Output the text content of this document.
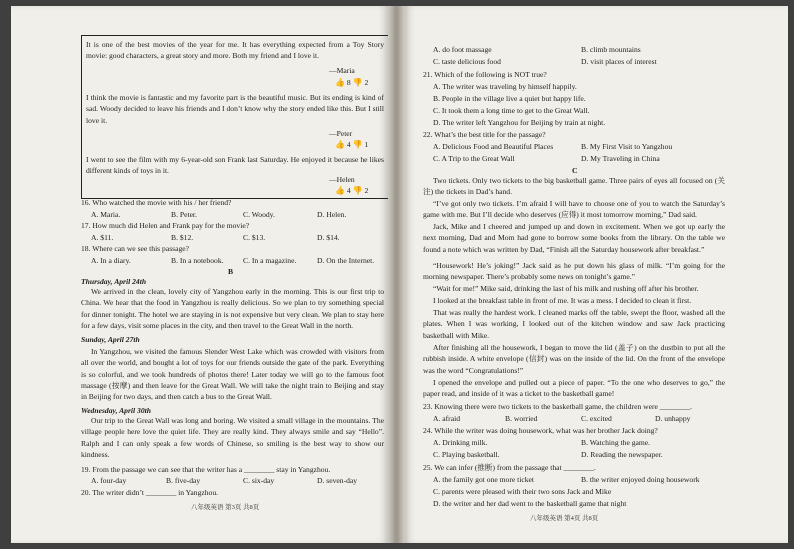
It is one of the best movies of the year for me. It has everything expected from a Toy Story movie: good characters, a great story and more. Both my friend and I love it.
—Maria
👍 8 👎 2
I think the movie is fantastic and my favorite part is the beautiful music. But its ending is kind of sad. Woody decided to leave his friends and I don’t know why the story ended like this. But I still love it.
—Peter
👍 4 👎 1
I went to see the film with my 6-year-old son Frank last Saturday. He enjoyed it because he likes different kinds of toys in it.
—Helen
👍 4 👎 2
16. Who watched the movie with his / her friend?
A. Maria.	B. Peter.	C. Woody.	D. Helen.
17. How much did Helen and Frank pay for the movie?
A. $11.	B. $12.	C. $13.	D. $14.
18. Where can we see this passage?
A. In a diary.	B. In a notebook.	C. In a magazine.	D. On the Internet.
B
Thursday, April 24th
We arrived in the clean, lovely city of Yangzhou early in the morning. This is our first trip to China. We hear that the food in Yangzhou is really delicious. So we plan to try something special for dinner tonight. The hotel we are staying in is not expensive but very clean. We plan to stay here for a few days, visit some places in the city, and then travel to the Great Wall in the north.
Sunday, April 27th
In Yangzhou, we visited the famous Slender West Lake which was crowded with visitors from all over the world, and bought a lot of toys for our friends outside the gate of the park. Everything is so colorful, and we took hundreds of photos there! Later today we will go to the famous foot massage (按摩) and then leave for the Great Wall. We will take the night train to Beijing and stay in Beijing for two days, and then catch a bus to the Great Wall.
Wednesday, April 30th
Our trip to the Great Wall was long and boring. We visited a small village in the mountains. The village people here love the quiet life. They are really kind. They always smile and say “Hello”. Ralph and I can only speak a few words of Chinese, so smiling is the best way to show our kindness.
19. From the passage we can see that the writer has a ________ stay in Yangzhou.
A. four-day	B. five-day	C. six-day	D. seven-day
20. The writer didn’t ________ in Yangzhou.
八年级英语 第3页 共8页
A. do foot massage	B. climb mountains
C. taste delicious food	D. visit places of interest
21. Which of the following is NOT true?
A. The writer was traveling by himself happily.
B. People in the village live a quiet but happy life.
C. It took them a long time to get to the Great Wall.
D. The writer left Yangzhou for Beijing by train at night.
22. What’s the best title for the passage?
A. Delicious Food and Beautiful Places	B. My First Visit to Yangzhou
C. A Trip to the Great Wall	D. My Traveling in China
C
Two tickets. Only two tickets to the big basketball game. Three pairs of eyes all focused on (关注) the tickets in Dad’s hand.
“I’ve got only two tickets. I’m afraid I will have to choose one of you to watch the Saturday’s game with me. But I’ll decide who deserves (应得) it most tomorrow morning,” Dad said.
Jack, Mike and I cheered and jumped up and down in excitement. When we got up early the next morning, Dad and Mom had gone to borrow some books from the library. On the table we found a note which was written by Dad, “Finish all the Saturday housework after breakfast.”
“Housework! He’s joking!” Jack said as he put down his glass of milk. “I’m going for the morning newspaper. There’s probably some news on tonight’s game.”
“Wait for me!” Mike said, drinking the last of his milk and rushing off after his brother.
I looked at the breakfast table in front of me. It was a mess. I decided to clean it first.
That was really the hardest work. I cleaned marks off the table, swept the floor, washed all the plates. When I was working, I looked out of the kitchen window and saw Jack practicing basketball with Mike.
After finishing all the housework, I began to move the lid (盖子) on the dustbin to put all the rubbish inside. A white envelope (信封) was on the inside of the lid. On the front of the envelope was the word “Congratulations!”
I opened the envelope and pulled out a piece of paper. “To the one who deserves to go,” the paper read, and inside of it was a ticket to the basketball game!
23. Knowing there were two tickets to the basketball game, the children were ________.
A. afraid	B. worried	C. excited	D. unhappy
24. While the writer was doing housework, what was her brother Jack doing?
A. Drinking milk.	B. Watching the game.
C. Playing basketball.	D. Reading the newspaper.
25. We can infer (推断) from the passage that ________.
A. the family got one more ticket	B. the writer enjoyed doing housework
C. parents were pleased with their two sons Jack and Mike
D. the writer and her dad went to the basketball game that night
八年级英语 第4页 共8页
